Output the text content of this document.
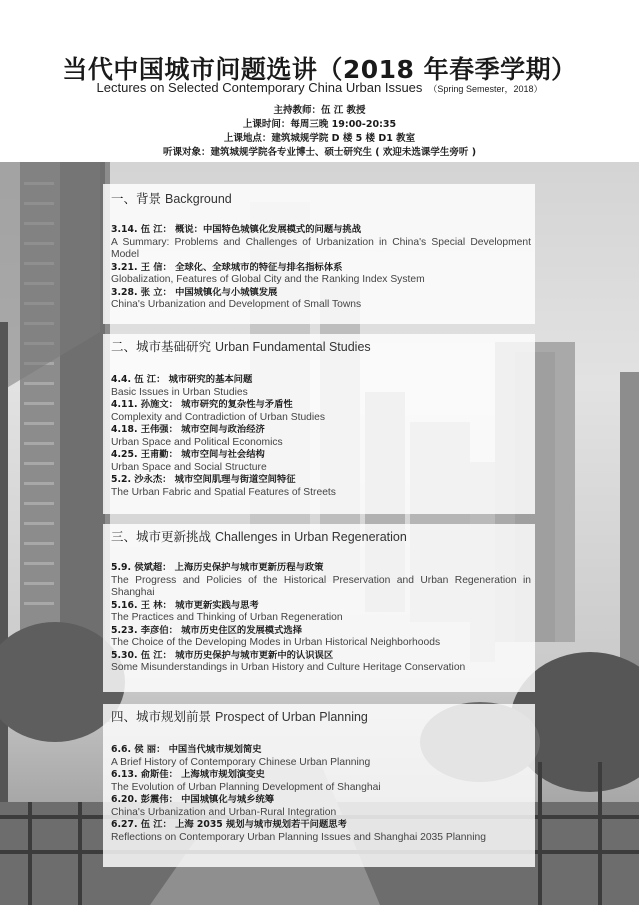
当代中国城市问题选讲（2018 年春季学期）
Lectures on Selected Contemporary China Urban Issues （Spring Semester，2018）
主持教师：伍 江 教授
上课时间：每周三晚 19:00-20:35
上课地点：建筑城规学院 D 楼 5 楼 D1 教室
听课对象：建筑城规学院各专业博士、硕士研究生 ( 欢迎未选课学生旁听 )
一、背景 Background
3.14. 伍 江： 概说：中国特色城镇化发展模式的问题与挑战
A Summary: Problems and Challenges of Urbanization in China's Special Development Model
3.21. 王 信： 全球化、全球城市的特征与排名指标体系
Globalization, Features of Global City and the Ranking Index System
3.28. 张 立： 中国城镇化与小城镇发展
China's Urbanization and Development of Small Towns
二、城市基础研究 Urban Fundamental Studies
4.4. 伍 江： 城市研究的基本问题
Basic Issues in Urban Studies
4.11. 孙施文： 城市研究的复杂性与矛盾性
Complexity and Contradiction of Urban Studies
4.18. 王伟强： 城市空间与政治经济
Urban Space and Political Economics
4.25. 王甫勤： 城市空间与社会结构
Urban Space and Social Structure
5.2. 沙永杰： 城市空间肌理与街道空间特征
The Urban Fabric and Spatial Features of Streets
三、城市更新挑战 Challenges in Urban Regeneration
5.9. 侯斌超： 上海历史保护与城市更新历程与政策
The Progress and Policies of the Historical Preservation and Urban Regeneration in Shanghai
5.16. 王 林： 城市更新实践与思考
The Practices and Thinking of Urban Regeneration
5.23. 李彦伯： 城市历史住区的发展模式选择
The Choice of the Developing Modes in Urban Historical Neighborhoods
5.30. 伍 江： 城市历史保护与城市更新中的认识误区
Some Misunderstandings in Urban History and Culture Heritage Conservation
四、城市规划前景 Prospect of Urban Planning
6.6. 侯 丽： 中国当代城市规划简史
A Brief History of Contemporary Chinese Urban Planning
6.13. 俞斯佳： 上海城市规划演变史
The Evolution of Urban Planning Development of Shanghai
6.20. 彭震伟： 中国城镇化与城乡统筹
China's Urbanization and Urban-Rural Integration
6.27. 伍 江： 上海 2035 规划与城市规划若干问题思考
Reflections on Contemporary Urban Planning Issues and Shanghai 2035 Planning
